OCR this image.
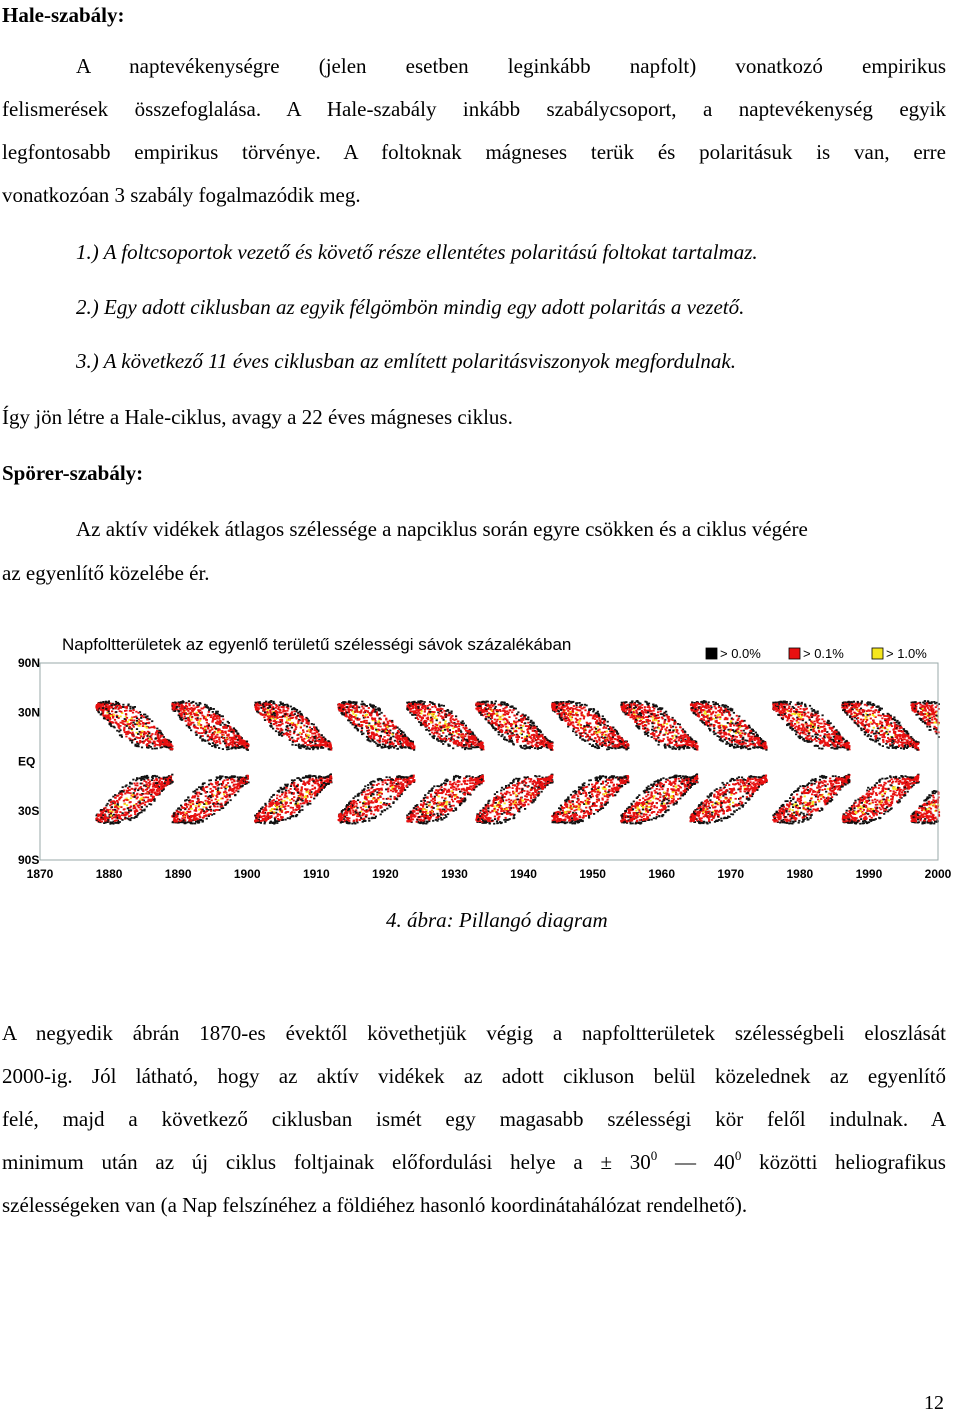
Hale-szabály:
A naptevékenységre (jelen esetben leginkább napfolt) vonatkozó empirikus
felismerések összefoglalása. A Hale-szabály inkább szabálycsoport, a naptevékenység egyik
legfontosabb empirikus törvénye. A foltoknak mágneses terük és polaritásuk is van, erre
vonatkozóan 3 szabály fogalmazódik meg.

1.) A foltcsoportok vezető és követő része ellentétes polaritású foltokat tartalmaz.

2.) Egy adott ciklusban az egyik félgömbön mindig egy adott polaritás a vezető.

3.) A következő 11 éves ciklusban az említett polaritásviszonyok megfordulnak.

Így jön létre a Hale-ciklus, avagy a 22 éves mágneses ciklus.

Spörer-szabály:

Az aktív vidékek átlagos szélessége a napciklus során egyre csökken és a ciklus végére

az egyenlítő közelébe ér.

Napfoltterületek az egyenlő területű szélességi sávok százalékában	> 0.0%	> 0.1%	> 1.0%
90N
30N
EQ
30S
90S
1870	1880	1890	1900	1910	1920	1930	1940	1950	1960	1970	1980	1990	2000

4. ábra: Pillangó diagram

A negyedik ábrán 1870-es évektől követhetjük végig a napfoltterületek szélességbeli eloszlását
2000-ig. Jól látható, hogy az aktív vidékek az adott cikluson belül közelednek az egyenlítő
felé, majd a következő ciklusban ismét egy magasabb szélességi kör felől indulnak. A
minimum után az új ciklus foltjainak előfordulási helye $a \pm 30^0$ — $40^0$ közötti heliografikus
szélességeken van (a Nap felszínéhez a földiéhez hasonló koordinátahálózat rendelhető).

12
